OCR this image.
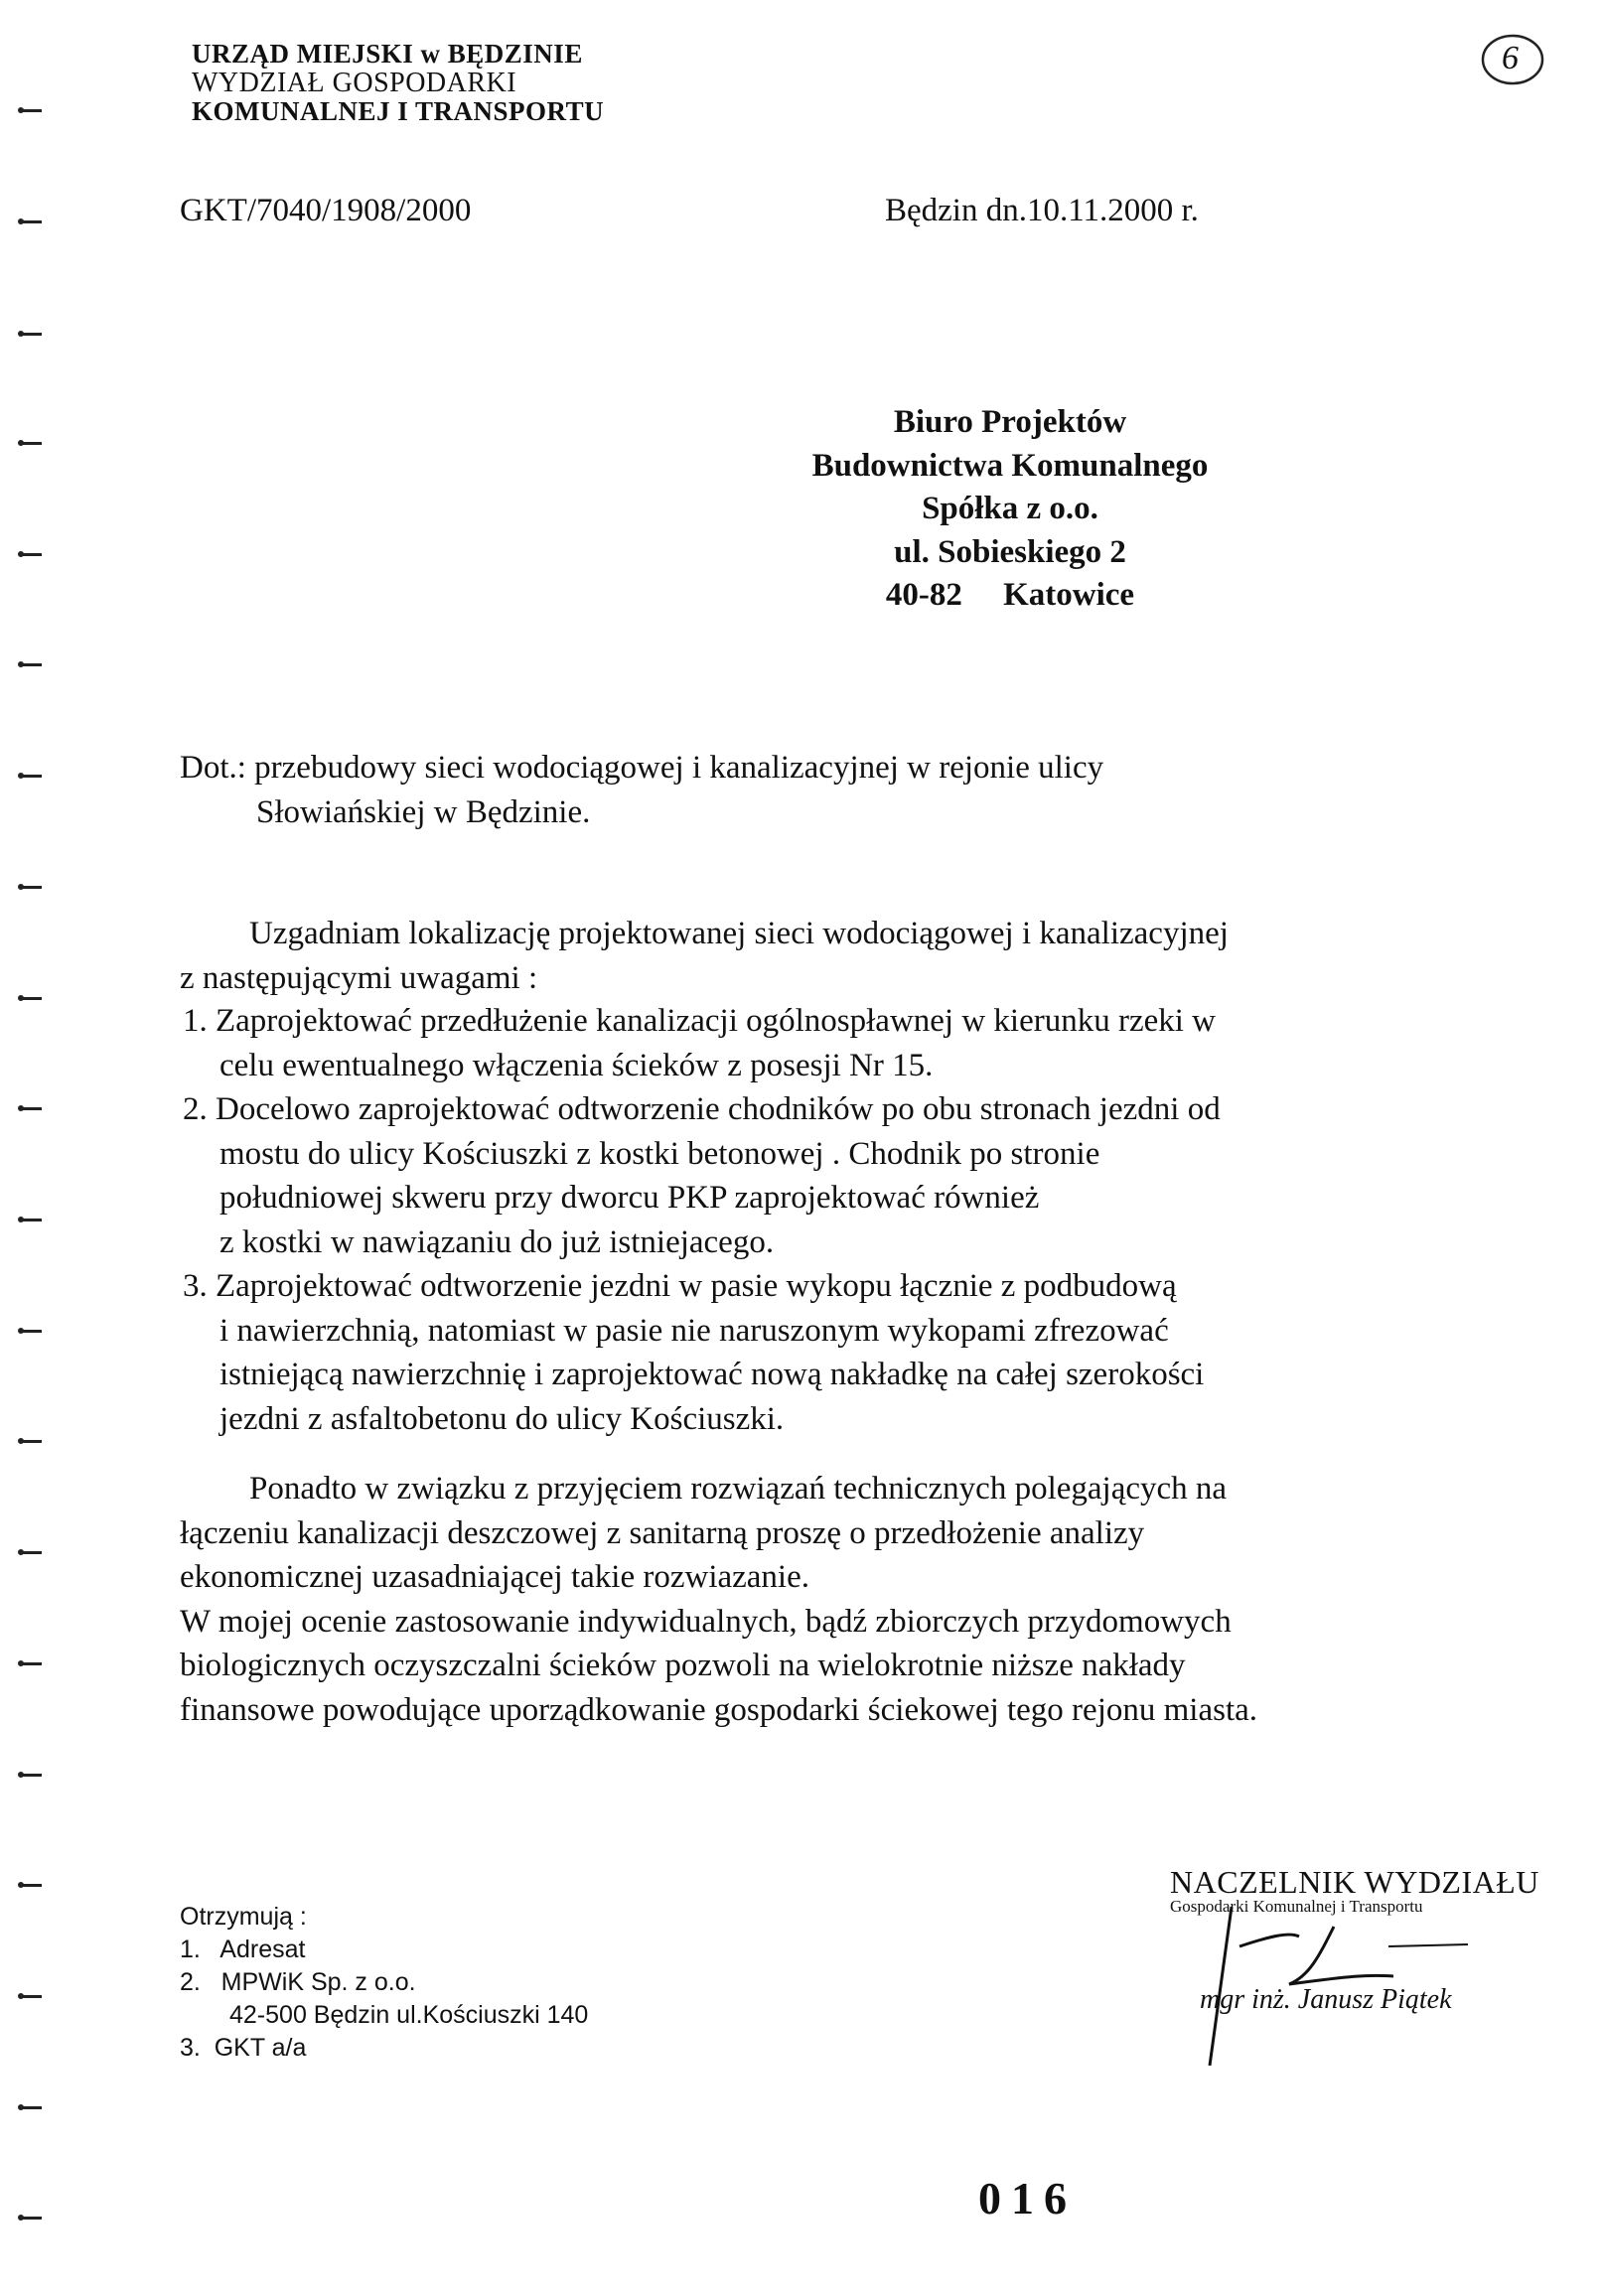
URZĄD MIEJSKI w BĘDZINIE
WYDZIAŁ GOSPODARKI
KOMUNALNEJ I TRANSPORTU
6
GKT/7040/1908/2000	Będzin dn.10.11.2000 r.
Biuro Projektów
Budownictwa Komunalnego
Spółka z o.o.
ul. Sobieskiego 2
40-82     Katowice
Dot.: przebudowy sieci wodociągowej i kanalizacyjnej w rejonie ulicy
Słowiańskiej w Będzinie.
Uzgadniam lokalizację projektowanej sieci wodociągowej i kanalizacyjnej
z następującymi uwagami :
1. Zaprojektować przedłużenie kanalizacji ogólnospławnej w kierunku rzeki w
celu ewentualnego włączenia ścieków z posesji Nr 15.
2. Docelowo zaprojektować odtworzenie chodników po obu stronach jezdni od
mostu do ulicy Kościuszki z kostki betonowej . Chodnik po stronie
południowej skweru przy dworcu PKP zaprojektować również
z kostki w nawiązaniu do już istniejacego.
3. Zaprojektować odtworzenie jezdni w pasie wykopu łącznie z podbudową
i nawierzchnią, natomiast w pasie nie naruszonym wykopami zfrezować
istniejącą nawierzchnię i zaprojektować nową nakładkę na całej szerokości
jezdni z asfaltobetonu do ulicy Kościuszki.
Ponadto w związku z przyjęciem rozwiązań technicznych polegających na
łączeniu kanalizacji deszczowej z sanitarną proszę o przedłożenie analizy
ekonomicznej uzasadniającej takie rozwiazanie.
W mojej ocenie zastosowanie indywidualnych, bądź zbiorczych przydomowych
biologicznych oczyszczalni ścieków pozwoli na wielokrotnie niższe nakłady
finansowe powodujące uporządkowanie gospodarki ściekowej tego rejonu miasta.
Otrzymują :
1.   Adresat
2.   MPWiK Sp. z o.o.
42-500 Będzin ul.Kościuszki 140
3.  GKT a/a
NACZELNIK WYDZIAŁU
Gospodarki Komunalnej i Transportu
mgr inż. Janusz Piątek
016
